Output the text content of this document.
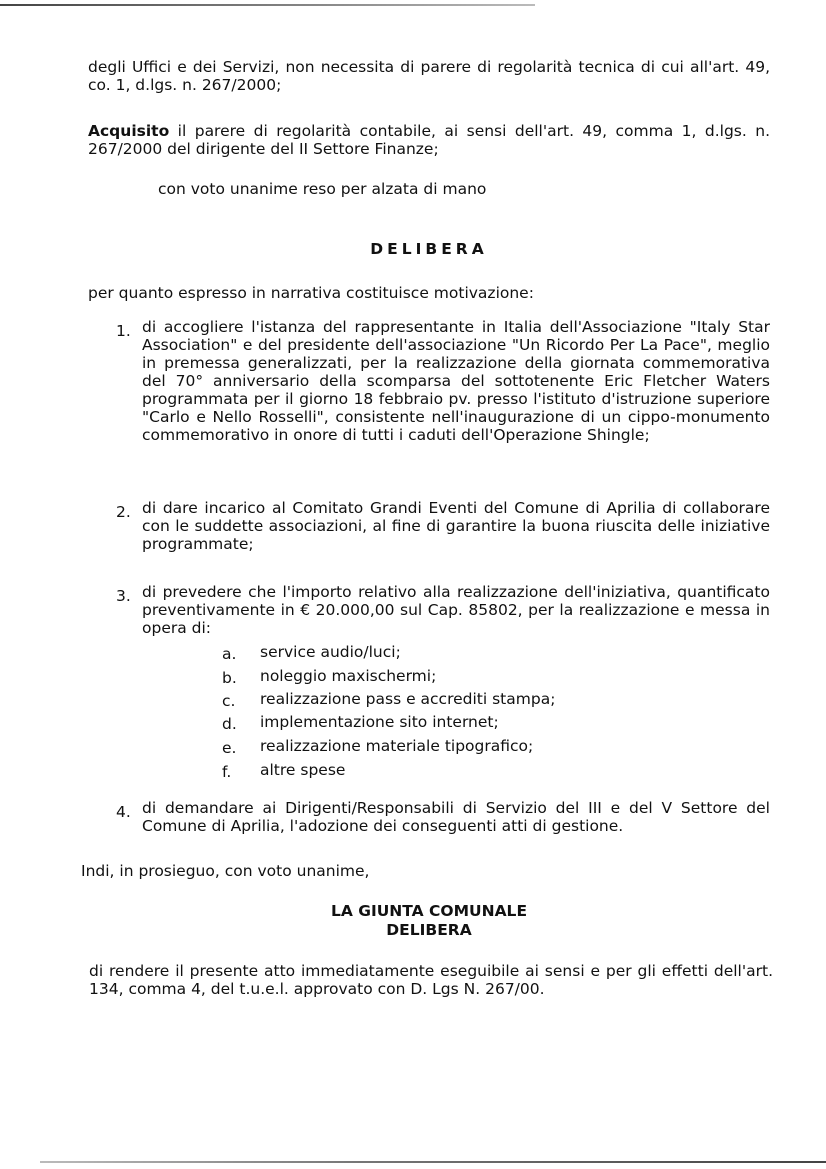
degli Uffici e dei Servizi, non necessita di parere di regolarità tecnica di cui all'art. 49, co. 1, d.lgs. n. 267/2000;
Acquisito il parere di regolarità contabile, ai sensi dell'art. 49, comma 1, d.lgs. n. 267/2000 del dirigente del II Settore Finanze;
con voto unanime reso per alzata di mano
DELIBERA
per quanto espresso in narrativa costituisce motivazione:
1. di accogliere l'istanza del rappresentante in Italia dell'Associazione "Italy Star Association" e del presidente dell'associazione "Un Ricordo Per La Pace", meglio in premessa generalizzati, per la realizzazione della giornata commemorativa del 70° anniversario della scomparsa del sottotenente Eric Fletcher Waters programmata per il giorno 18 febbraio pv. presso l'istituto d'istruzione superiore "Carlo e Nello Rosselli", consistente nell'inaugurazione di un cippo-monumento commemorativo in onore di tutti i caduti dell'Operazione Shingle;
2. di dare incarico al Comitato Grandi Eventi del Comune di Aprilia di collaborare con le suddette associazioni, al fine di garantire la buona riuscita delle iniziative programmate;
3. di prevedere che l'importo relativo alla realizzazione dell'iniziativa, quantificato preventivamente in € 20.000,00 sul Cap. 85802, per la realizzazione e messa in opera di:
a. service audio/luci;
b. noleggio maxischermi;
c. realizzazione pass e accrediti stampa;
d. implementazione sito internet;
e. realizzazione materiale tipografico;
f. altre spese
4. di demandare ai Dirigenti/Responsabili di Servizio del III e del V Settore del Comune di Aprilia, l'adozione dei conseguenti atti di gestione.
Indi, in prosieguo, con voto unanime,
LA GIUNTA COMUNALE
DELIBERA
di rendere il presente atto immediatamente eseguibile ai sensi e per gli effetti dell'art. 134, comma 4, del t.u.e.l. approvato con D. Lgs N. 267/00.
